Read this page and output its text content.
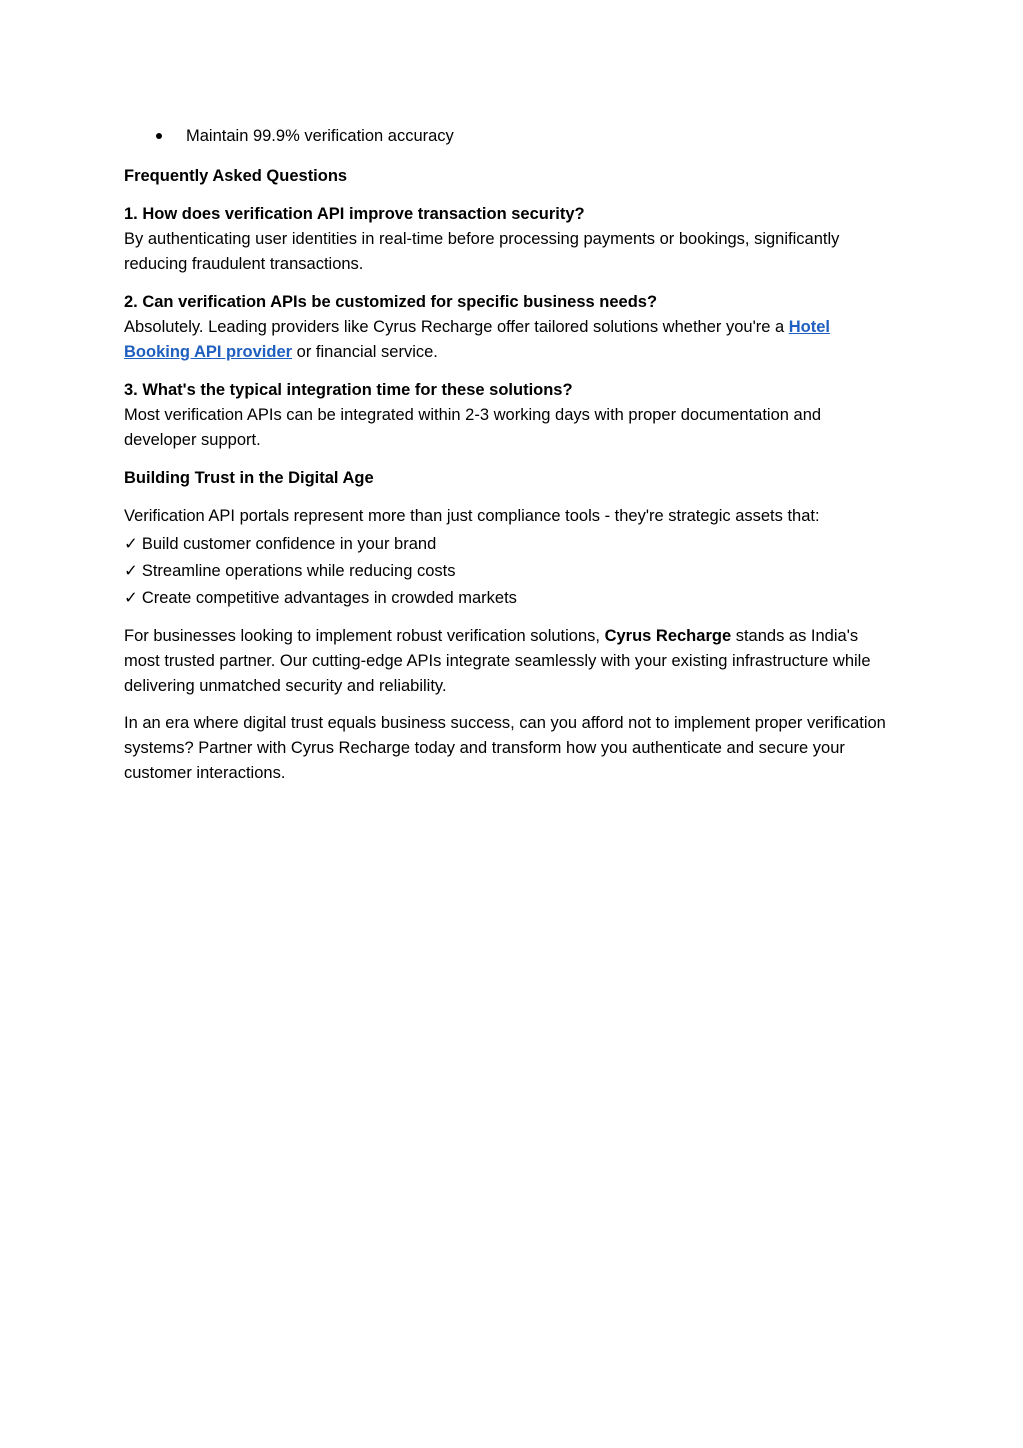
Maintain 99.9% verification accuracy
Frequently Asked Questions
1. How does verification API improve transaction security?
By authenticating user identities in real-time before processing payments or bookings, significantly reducing fraudulent transactions.
2. Can verification APIs be customized for specific business needs?
Absolutely. Leading providers like Cyrus Recharge offer tailored solutions whether you're a Hotel Booking API provider or financial service.
3. What's the typical integration time for these solutions?
Most verification APIs can be integrated within 2-3 working days with proper documentation and developer support.
Building Trust in the Digital Age
Verification API portals represent more than just compliance tools - they're strategic assets that:
✓ Build customer confidence in your brand
✓ Streamline operations while reducing costs
✓ Create competitive advantages in crowded markets

For businesses looking to implement robust verification solutions, Cyrus Recharge stands as India's most trusted partner. Our cutting-edge APIs integrate seamlessly with your existing infrastructure while delivering unmatched security and reliability.

In an era where digital trust equals business success, can you afford not to implement proper verification systems? Partner with Cyrus Recharge today and transform how you authenticate and secure your customer interactions.
